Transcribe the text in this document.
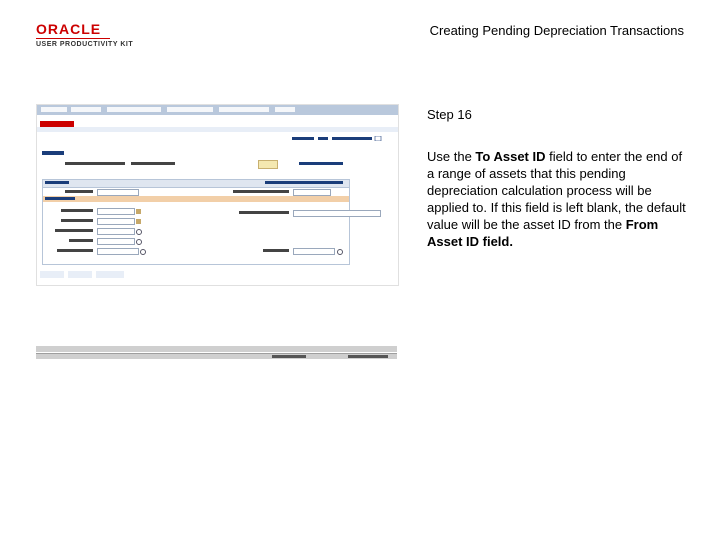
ORACLE
USER PRODUCTIVITY KIT
Creating Pending Depreciation Transactions
Step 16
Use the To Asset ID field to enter the end of a range of assets that this pending depreciation calculation process will be applied to. If this field is left blank, the default value will be the asset ID from the From Asset ID field.
